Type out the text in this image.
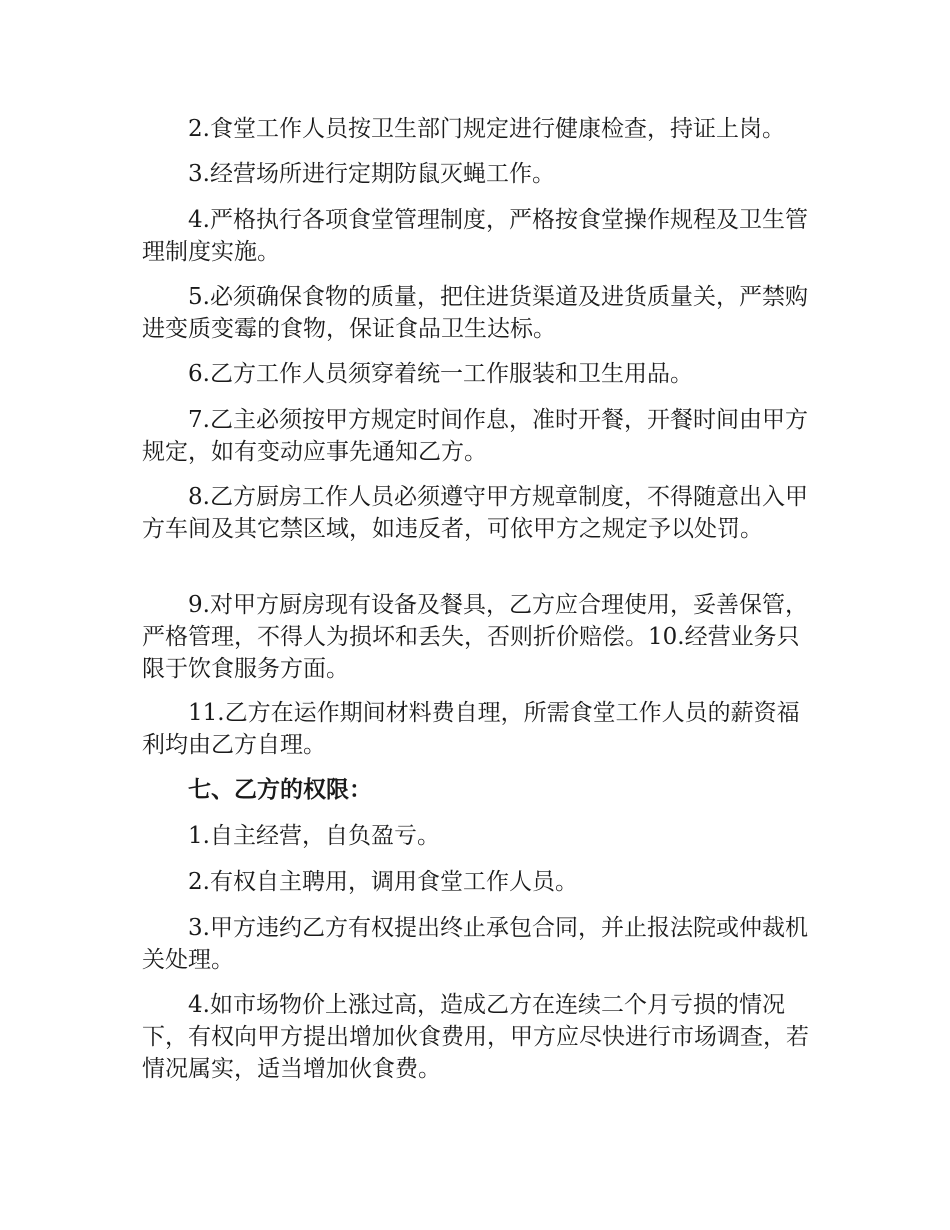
2.食堂工作人员按卫生部门规定进行健康检查，持证上岗。

3.经营场所进行定期防鼠灭蝇工作。

4.严格执行各项食堂管理制度，严格按食堂操作规程及卫生管理制度实施。

5.必须确保食物的质量，把住进货渠道及进货质量关，严禁购进变质变霉的食物，保证食品卫生达标。

6.乙方工作人员须穿着统一工作服装和卫生用品。

7.乙主必须按甲方规定时间作息，准时开餐，开餐时间由甲方规定，如有变动应事先通知乙方。

8.乙方厨房工作人员必须遵守甲方规章制度，不得随意出入甲方车间及其它禁区域，如违反者，可依甲方之规定予以处罚。

9.对甲方厨房现有设备及餐具，乙方应合理使用，妥善保管，严格管理，不得人为损坏和丢失，否则折价赔偿。10.经营业务只限于饮食服务方面。

11.乙方在运作期间材料费自理，所需食堂工作人员的薪资福利均由乙方自理。

七、乙方的权限：

1.自主经营，自负盈亏。

2.有权自主聘用，调用食堂工作人员。

3.甲方违约乙方有权提出终止承包合同，并止报法院或仲裁机关处理。

4.如市场物价上涨过高，造成乙方在连续二个月亏损的情况下，有权向甲方提出增加伙食费用，甲方应尽快进行市场调查，若情况属实，适当增加伙食费。
